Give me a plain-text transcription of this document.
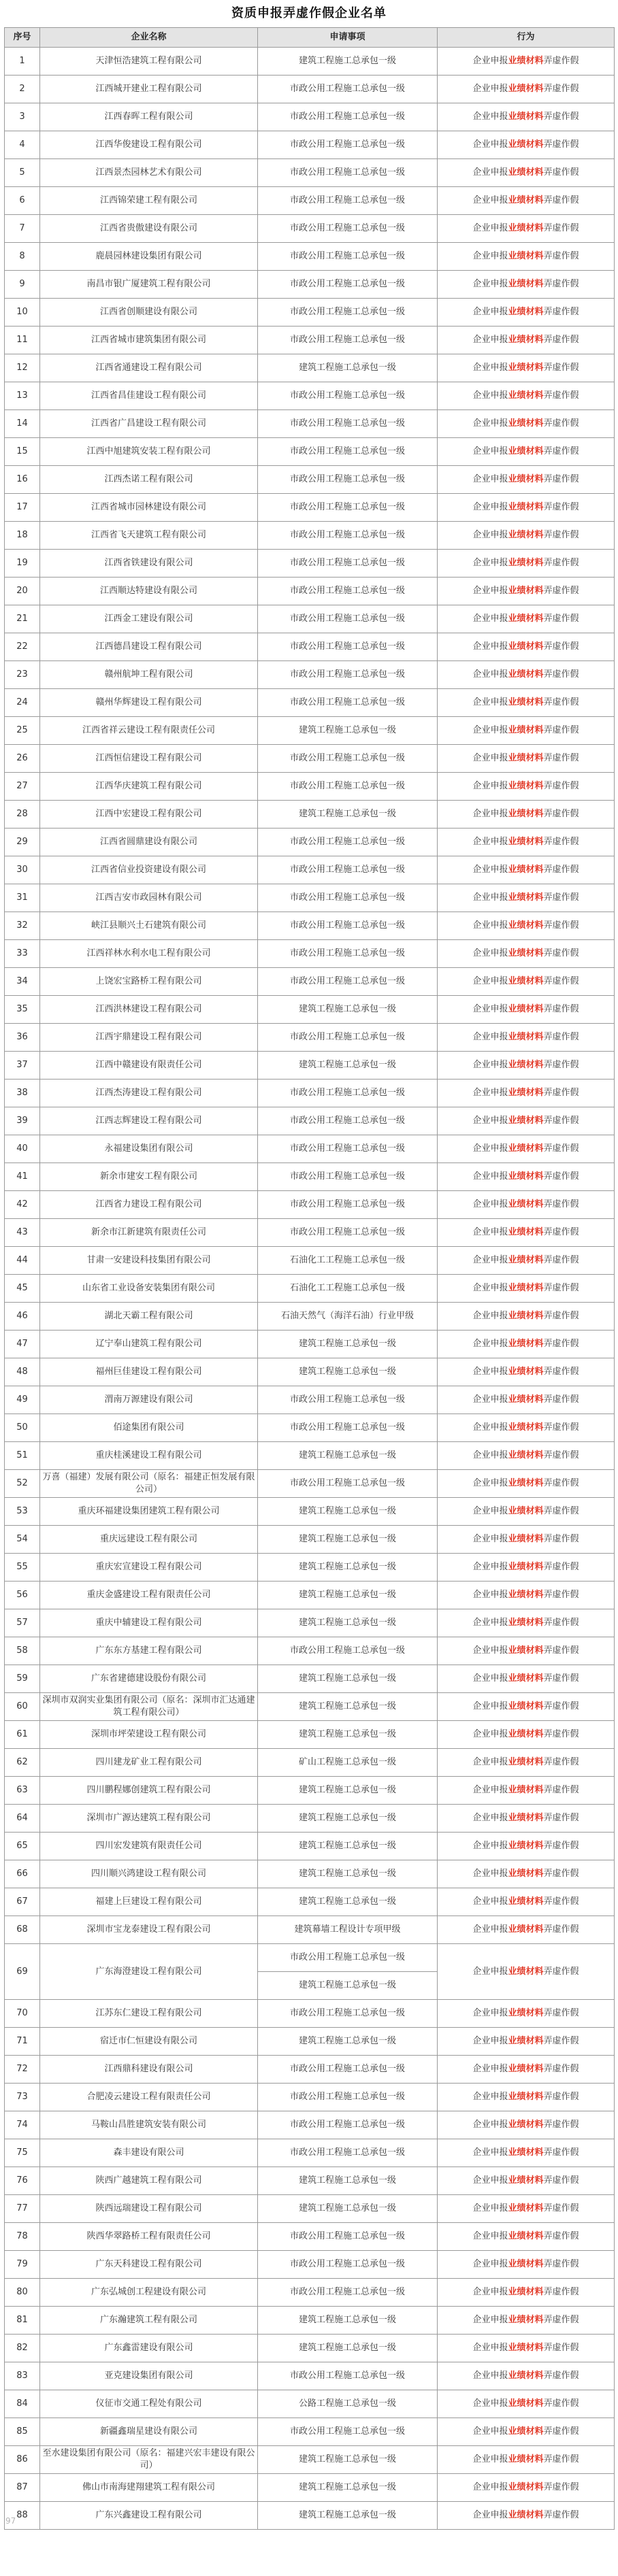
资质申报弄虚作假企业名单
序号	企业名称	申请事项	行为
1	天津恒浩建筑工程有限公司	建筑工程施工总承包一级	企业申报业绩材料弄虚作假
2	江西城开建业工程有限公司	市政公用工程施工总承包一级	企业申报业绩材料弄虚作假
3	江西春晖工程有限公司	市政公用工程施工总承包一级	企业申报业绩材料弄虚作假
4	江西华俊建设工程有限公司	市政公用工程施工总承包一级	企业申报业绩材料弄虚作假
5	江西景杰园林艺术有限公司	市政公用工程施工总承包一级	企业申报业绩材料弄虚作假
6	江西锦荣建工程有限公司	市政公用工程施工总承包一级	企业申报业绩材料弄虚作假
7	江西省贵傲建设有限公司	市政公用工程施工总承包一级	企业申报业绩材料弄虚作假
8	鹿晨园林建设集团有限公司	市政公用工程施工总承包一级	企业申报业绩材料弄虚作假
9	南昌市银广厦建筑工程有限公司	市政公用工程施工总承包一级	企业申报业绩材料弄虚作假
10	江西省创顺建设有限公司	市政公用工程施工总承包一级	企业申报业绩材料弄虚作假
11	江西省城市建筑集团有限公司	市政公用工程施工总承包一级	企业申报业绩材料弄虚作假
12	江西省通建设工程有限公司	建筑工程施工总承包一级	企业申报业绩材料弄虚作假
13	江西省昌佳建设工程有限公司	市政公用工程施工总承包一级	企业申报业绩材料弄虚作假
14	江西省广昌建设工程有限公司	市政公用工程施工总承包一级	企业申报业绩材料弄虚作假
15	江西中旭建筑安装工程有限公司	市政公用工程施工总承包一级	企业申报业绩材料弄虚作假
16	江西杰诺工程有限公司	市政公用工程施工总承包一级	企业申报业绩材料弄虚作假
17	江西省城市园林建设有限公司	市政公用工程施工总承包一级	企业申报业绩材料弄虚作假
18	江西省飞天建筑工程有限公司	市政公用工程施工总承包一级	企业申报业绩材料弄虚作假
19	江西省铁建设有限公司	市政公用工程施工总承包一级	企业申报业绩材料弄虚作假
20	江西顺达特建设有限公司	市政公用工程施工总承包一级	企业申报业绩材料弄虚作假
21	江西金工建设有限公司	市政公用工程施工总承包一级	企业申报业绩材料弄虚作假
22	江西德昌建设工程有限公司	市政公用工程施工总承包一级	企业申报业绩材料弄虚作假
23	赣州航坤工程有限公司	市政公用工程施工总承包一级	企业申报业绩材料弄虚作假
24	赣州华辉建设工程有限公司	市政公用工程施工总承包一级	企业申报业绩材料弄虚作假
25	江西省祥云建设工程有限责任公司	建筑工程施工总承包一级	企业申报业绩材料弄虚作假
26	江西恒信建设工程有限公司	市政公用工程施工总承包一级	企业申报业绩材料弄虚作假
27	江西华庆建筑工程有限公司	市政公用工程施工总承包一级	企业申报业绩材料弄虚作假
28	江西中宏建设工程有限公司	建筑工程施工总承包一级	企业申报业绩材料弄虚作假
29	江西省圆鼎建设有限公司	市政公用工程施工总承包一级	企业申报业绩材料弄虚作假
30	江西省信业投资建设有限公司	市政公用工程施工总承包一级	企业申报业绩材料弄虚作假
31	江西吉安市政园林有限公司	市政公用工程施工总承包一级	企业申报业绩材料弄虚作假
32	峡江县顺兴土石建筑有限公司	市政公用工程施工总承包一级	企业申报业绩材料弄虚作假
33	江西祥林水利水电工程有限公司	市政公用工程施工总承包一级	企业申报业绩材料弄虚作假
34	上饶宏宝路桥工程有限公司	市政公用工程施工总承包一级	企业申报业绩材料弄虚作假
35	江西洪林建设工程有限公司	建筑工程施工总承包一级	企业申报业绩材料弄虚作假
36	江西宇鼎建设工程有限公司	市政公用工程施工总承包一级	企业申报业绩材料弄虚作假
37	江西中赣建设有限责任公司	建筑工程施工总承包一级	企业申报业绩材料弄虚作假
38	江西杰涛建设工程有限公司	市政公用工程施工总承包一级	企业申报业绩材料弄虚作假
39	江西志辉建设工程有限公司	市政公用工程施工总承包一级	企业申报业绩材料弄虚作假
40	永福建设集团有限公司	市政公用工程施工总承包一级	企业申报业绩材料弄虚作假
41	新余市建安工程有限公司	市政公用工程施工总承包一级	企业申报业绩材料弄虚作假
42	江西省力建设工程有限公司	市政公用工程施工总承包一级	企业申报业绩材料弄虚作假
43	新余市江新建筑有限责任公司	市政公用工程施工总承包一级	企业申报业绩材料弄虚作假
44	甘肃一安建设科技集团有限公司	石油化工工程施工总承包一级	企业申报业绩材料弄虚作假
45	山东省工业设备安装集团有限公司	石油化工工程施工总承包一级	企业申报业绩材料弄虚作假
46	湖北天霸工程有限公司	石油天然气（海洋石油）行业甲级	企业申报业绩材料弄虚作假
47	辽宁奉山建筑工程有限公司	建筑工程施工总承包一级	企业申报业绩材料弄虚作假
48	福州巨佳建设工程有限公司	建筑工程施工总承包一级	企业申报业绩材料弄虚作假
49	渭南万源建设有限公司	市政公用工程施工总承包一级	企业申报业绩材料弄虚作假
50	佰途集团有限公司	市政公用工程施工总承包一级	企业申报业绩材料弄虚作假
51	重庆桂溪建设工程有限公司	建筑工程施工总承包一级	企业申报业绩材料弄虚作假
52	万喜（福建）发展有限公司（原名：福建正恒发展有限公司）	市政公用工程施工总承包一级	企业申报业绩材料弄虚作假
53	重庆环福建设集团建筑工程有限公司	建筑工程施工总承包一级	企业申报业绩材料弄虚作假
54	重庆远建设工程有限公司	建筑工程施工总承包一级	企业申报业绩材料弄虚作假
55	重庆宏宣建设工程有限公司	建筑工程施工总承包一级	企业申报业绩材料弄虚作假
56	重庆金盛建设工程有限责任公司	建筑工程施工总承包一级	企业申报业绩材料弄虚作假
57	重庆中辅建设工程有限公司	建筑工程施工总承包一级	企业申报业绩材料弄虚作假
58	广东东方基建工程有限公司	市政公用工程施工总承包一级	企业申报业绩材料弄虚作假
59	广东省建德建设股份有限公司	建筑工程施工总承包一级	企业申报业绩材料弄虚作假
60	深圳市双润实业集团有限公司（原名：深圳市汇达通建筑工程有限公司）	建筑工程施工总承包一级	企业申报业绩材料弄虚作假
61	深圳市坪荣建设工程有限公司	建筑工程施工总承包一级	企业申报业绩材料弄虚作假
62	四川建龙矿业工程有限公司	矿山工程施工总承包一级	企业申报业绩材料弄虚作假
63	四川鹏程娜创建筑工程有限公司	建筑工程施工总承包一级	企业申报业绩材料弄虚作假
64	深圳市广源达建筑工程有限公司	建筑工程施工总承包一级	企业申报业绩材料弄虚作假
65	四川宏发建筑有限责任公司	建筑工程施工总承包一级	企业申报业绩材料弄虚作假
66	四川顺兴鸿建设工程有限公司	建筑工程施工总承包一级	企业申报业绩材料弄虚作假
67	福建上巨建设工程有限公司	建筑工程施工总承包一级	企业申报业绩材料弄虚作假
68	深圳市宝龙泰建设工程有限公司	建筑幕墙工程设计专项甲级	企业申报业绩材料弄虚作假
69	广东海澄建设工程有限公司	市政公用工程施工总承包一级	企业申报业绩材料弄虚作假
		建筑工程施工总承包一级	
70	江苏东仁建设工程有限公司	市政公用工程施工总承包一级	企业申报业绩材料弄虚作假
71	宿迁市仁恒建设有限公司	建筑工程施工总承包一级	企业申报业绩材料弄虚作假
72	江西鼎科建设有限公司	市政公用工程施工总承包一级	企业申报业绩材料弄虚作假
73	合肥凌云建设工程有限责任公司	市政公用工程施工总承包一级	企业申报业绩材料弄虚作假
74	马鞍山昌胜建筑安装有限公司	市政公用工程施工总承包一级	企业申报业绩材料弄虚作假
75	森丰建设有限公司	市政公用工程施工总承包一级	企业申报业绩材料弄虚作假
76	陕西广越建筑工程有限公司	建筑工程施工总承包一级	企业申报业绩材料弄虚作假
77	陕西远瑞建设工程有限公司	建筑工程施工总承包一级	企业申报业绩材料弄虚作假
78	陕西华翠路桥工程有限责任公司	市政公用工程施工总承包一级	企业申报业绩材料弄虚作假
79	广东天科建设工程有限公司	市政公用工程施工总承包一级	企业申报业绩材料弄虚作假
80	广东弘城创工程建设有限公司	市政公用工程施工总承包一级	企业申报业绩材料弄虚作假
81	广东瀚建筑工程有限公司	建筑工程施工总承包一级	企业申报业绩材料弄虚作假
82	广东鑫雷建设有限公司	建筑工程施工总承包一级	企业申报业绩材料弄虚作假
83	亚克建设集团有限公司	市政公用工程施工总承包一级	企业申报业绩材料弄虚作假
84	仪征市交通工程处有限公司	公路工程施工总承包一级	企业申报业绩材料弄虚作假
85	新疆鑫瑞星建设有限公司	市政公用工程施工总承包一级	企业申报业绩材料弄虚作假
86	至水建设集团有限公司（原名：福建兴宏丰建设有限公司）	建筑工程施工总承包一级	企业申报业绩材料弄虚作假
87	佛山市南海建翔建筑工程有限公司	建筑工程施工总承包一级	企业申报业绩材料弄虚作假
88	广东兴鑫建设工程有限公司	建筑工程施工总承包一级	企业申报业绩材料弄虚作假
97
